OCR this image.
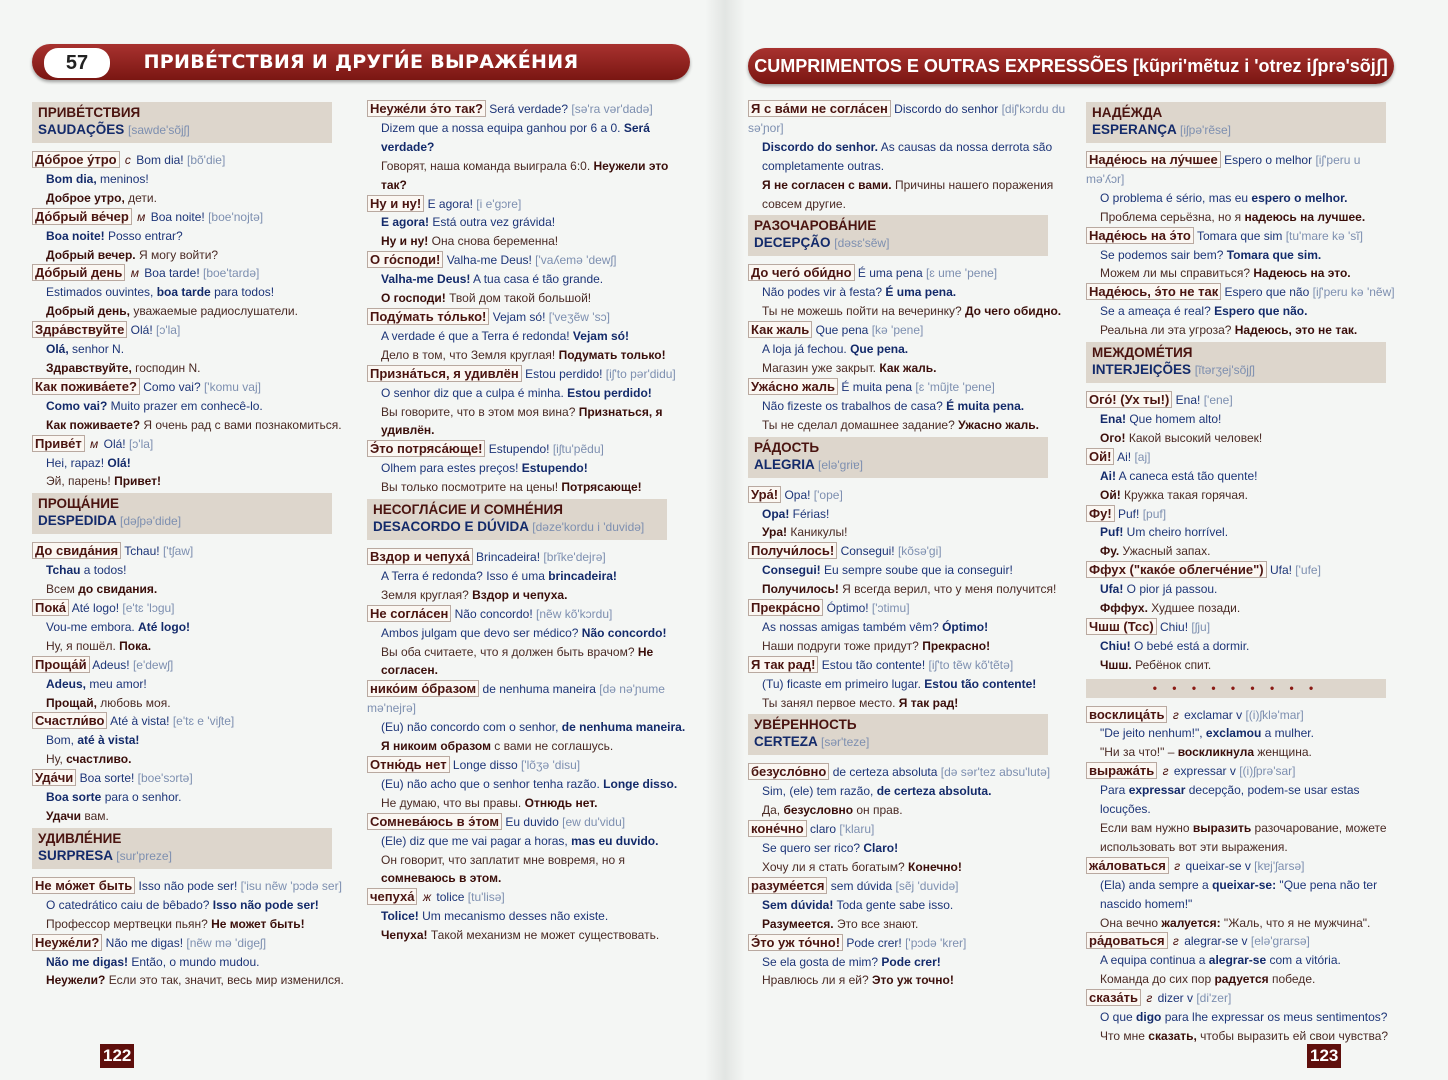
ПРИВЕ́ТСТВИЯ И ДРУГИ́Е ВЫРАЖЕ́НИЯ
57	CUMPRIMENTOS E OUTRAS EXPRESSÕES [kũpri'mẽtuz i 'otrez iʃprə'sõjʃ]
ПРИВЕ́ТСТВИЯ
SAUDAÇÕES [sawde'sõjʃ]
До́брое у́тро с Bom dia! [bõ'die]
Bom dia, meninos!
Доброе утро, дети.
До́брый ве́чер м Boa noite! [boe'nojtə]
Boa noite! Posso entrar?
Добрый вечер. Я могу войти?
До́брый день м Boa tarde! [boe'tardə]
Estimados ouvintes, boa tarde para todos!
Добрый день, уважаемые радиослушатели.
Здра́вствуйте Olá! [ɔ'la]
Olá, senhor N.
Здравствуйте, господин N.
Как пожива́ете? Como vai? ['komu vaj]
Como vai? Muito prazer em conhecê-lo.
Как поживаете? Я очень рад с вами познакомиться.
Приве́т м Olá! [ɔ'la]
Hei, rapaz! Olá!
Эй, парень! Привет!
ПРОЩА́НИЕ
DESPEDIDA [dəʃpə'dide]
До свида́ния Tchau! ['tʃaw]
Tchau a todos!
Всем до свидания.
Пока́ Até logo! [e'tɛ 'lɔgu]
Vou-me embora. Até logo!
Ну, я пошёл. Пока.
Проща́й Adeus! [e'dewʃ]
Adeus, meu amor!
Прощай, любовь моя.
Счастли́во Até à vista! [e'tɛ e 'viʃte]
Bom, até à vista!
Ну, счастливо.
Уда́чи Boa sorte! [boe'sɔrtə]
Boa sorte para o senhor.
Удачи вам.
УДИВЛЕ́НИЕ
SURPRESA [sur'preze]
Не мо́жет быть Isso não pode ser! ['isu nẽw 'pɔdə ser]
O catedrático caiu de bêbado? Isso não pode ser!
Профессор мертвецки пьян? Не может быть!
Неуже́ли? Não me digas! [nẽw mə 'digeʃ]
Não me digas! Então, o mundo mudou.
Неужели? Если это так, значит, весь мир изменился.
Неуже́ли э́то так? Será verdade? [sə'ra vər'dadə]
Dizem que a nossa equipa ganhou por 6 a 0. Será verdade?
Говорят, наша команда выиграла 6:0. Неужели это так?
Ну и ну! E agora! [i e'gɔre]
E agora! Está outra vez grávida!
Ну и ну! Она снова беременна!
О го́споди! Valha-me Deus! ['vaʎemə 'dewʃ]
Valha-me Deus! A tua casa é tão grande.
О господи! Твой дом такой большой!
Поду́мать то́лько! Vejam só! ['veʒẽw 'sɔ]
A verdade é que a Terra é redonda! Vejam só!
Дело в том, что Земля круглая! Подумать только!
Призна́ться, я удивлён Estou perdido! [iʃ'to pər'didu]
O senhor diz que a culpa é minha. Estou perdido!
Вы говорите, что в этом моя вина? Признаться, я удивлён.
Э́то потряса́юще! Estupendo! [iʃtu'pẽdu]
Olhem para estes preços! Estupendo!
Вы только посмотрите на цены! Потрясающе!
НЕСОГЛА́СИЕ И СОМНЕ́НИЯ
DESACORDO E DÚVIDA [dəze'kordu i 'duvidə]
Вздор и чепуха́ Brincadeira! [brĩke'dejrə]
A Terra é redonda? Isso é uma brincadeira!
Земля круглая? Вздор и чепуха.
Не согла́сен Não concordo! [nẽw kõ'kɔrdu]
Ambos julgam que devo ser médico? Não concordo!
Вы оба считаете, что я должен быть врачом? Не согласен.
нико́им о́бразом de nenhuma maneira [də nə'ɲume mə'nejrə]
(Eu) não concordo com o senhor, de nenhuma maneira.
Я никоим образом с вами не соглашусь.
Отню́дь нет Longe disso ['lõʒə 'disu]
(Eu) não acho que o senhor tenha razão. Longe disso.
Не думаю, что вы правы. Отнюдь нет.
Сомнева́юсь в э́том Eu duvido [ew du'vidu]
(Ele) diz que me vai pagar a horas, mas eu duvido.
Он говорит, что заплатит мне вовремя, но я сомневаюсь в этом.
чепуха́ ж tolice [tu'lisə]
Tolice! Um mecanismo desses não existe.
Чепуха! Такой механизм не может существовать.
Я с ва́ми не согла́сен Discordo do senhor [diʃ'kɔrdu du sə'ɲor]
Discordo do senhor. As causas da nossa derrota são completamente outras.
Я не согласен с вами. Причины нашего поражения совсем другие.
РАЗОЧАРОВА́НИЕ
DECEPÇÃO [dəsɛ'sẽw]
До чего́ оби́дно É uma pena [ɛ ume 'pene]
Não podes vir à festa? É uma pena.
Ты не можешь пойти на вечеринку? До чего обидно.
Как жаль Que pena [kə 'pene]
A loja já fechou. Que pena.
Магазин уже закрыт. Как жаль.
Ужа́сно жаль É muita pena [ɛ 'mũjte 'pene]
Não fizeste os trabalhos de casa? É muita pena.
Ты не сделал домашнее задание? Ужасно жаль.
РА́ДОСТЬ
ALEGRIA [elə'griɐ]
Ура́! Opa! ['ope]
Opa! Férias!
Ура! Каникулы!
Получи́лось! Consegui! [kõsə'gi]
Consegui! Eu sempre soube que ia conseguir!
Получилось! Я всегда верил, что у меня получится!
Прекра́сно Óptimo! ['ɔtimu]
As nossas amigas também vêm? Óptimo!
Наши подруги тоже придут? Прекрасно!
Я так рад! Estou tão contente! [iʃ'to tẽw kõ'tẽtə]
(Tu) ficaste em primeiro lugar. Estou tão contente!
Ты занял первое место. Я так рад!
УВЕ́РЕННОСТЬ
CERTEZA [sər'teze]
безусло́вно de certeza absoluta [də sər'tez absu'lutə]
Sim, (ele) tem razão, de certeza absoluta.
Да, безусловно он прав.
коне́чно claro ['klaru]
Se quero ser rico? Claro!
Хочу ли я стать богатым? Конечно!
разуме́ется sem dúvida [sẽj 'duvidə]
Sem dúvida! Toda gente sabe isso.
Разумеется. Это все знают.
Э́то уж то́чно! Pode crer! ['pɔdə 'krer]
Se ela gosta de mim? Pode crer!
Нравлюсь ли я ей? Это уж точно!
НАДЕ́ЖДА
ESPERANÇA [iʃpə'rẽse]
Наде́юсь на лу́чшее Espero o melhor [iʃ'peru u mə'ʎɔr]
O problema é sério, mas eu espero o melhor.
Проблема серьёзна, но я надеюсь на лучшее.
Наде́юсь на э́то Tomara que sim [tu'mare kə 'sĩ]
Se podemos sair bem? Tomara que sim.
Можем ли мы справиться? Надеюсь на это.
Наде́юсь, э́то не так Espero que não [iʃ'peru kə 'nẽw]
Se a ameaça é real? Espero que não.
Реальна ли эта угроза? Надеюсь, это не так.
МЕЖДОМЕ́ТИЯ
INTERJEIÇÕES [ĩtərʒej'sõjʃ]
Ого́! (Ух ты!) Ena! ['ene]
Ena! Que homem alto!
Ого! Какой высокий человек!
Ой! Ai! [aj]
Ai! A caneca está tão quente!
Ой! Кружка такая горячая.
Фу! Puf! [puf]
Puf! Um cheiro horrível.
Фу. Ужасный запах.
Ффух ("како́е облегче́ние") Ufa! ['ufe]
Ufa! O pior já passou.
Фффух. Худшее позади.
Чшш (Тсс) Chiu! [ʃju]
Chiu! O bebé está a dormir.
Чшш. Ребёнок спит.
• • • • • • • • •
восклица́ть г exclamar v [(i)ʃklə'mar]
"De jeito nenhum!", exclamou a mulher.
"Ни за что!" – воскликнула женщина.
выража́ть г expressar v [(i)ʃprə'sar]
Para expressar decepção, podem-se usar estas locuções.
Если вам нужно выразить разочарование, можете использовать вот эти выражения.
жа́ловаться г queixar-se v [kɐj'ʃarsə]
(Ela) anda sempre a queixar-se: "Que pena não ter nascido homem!"
Она вечно жалуется: "Жаль, что я не мужчина".
ра́доваться г alegrar-se v [elə'grarsə]
A equipa continua a alegrar-se com a vitória.
Команда до сих пор радуется победе.
сказа́ть г dizer v [di'zer]
O que digo para lhe expressar os meus sentimentos?
Что мне сказать, чтобы выразить ей свои чувства?
122	123
